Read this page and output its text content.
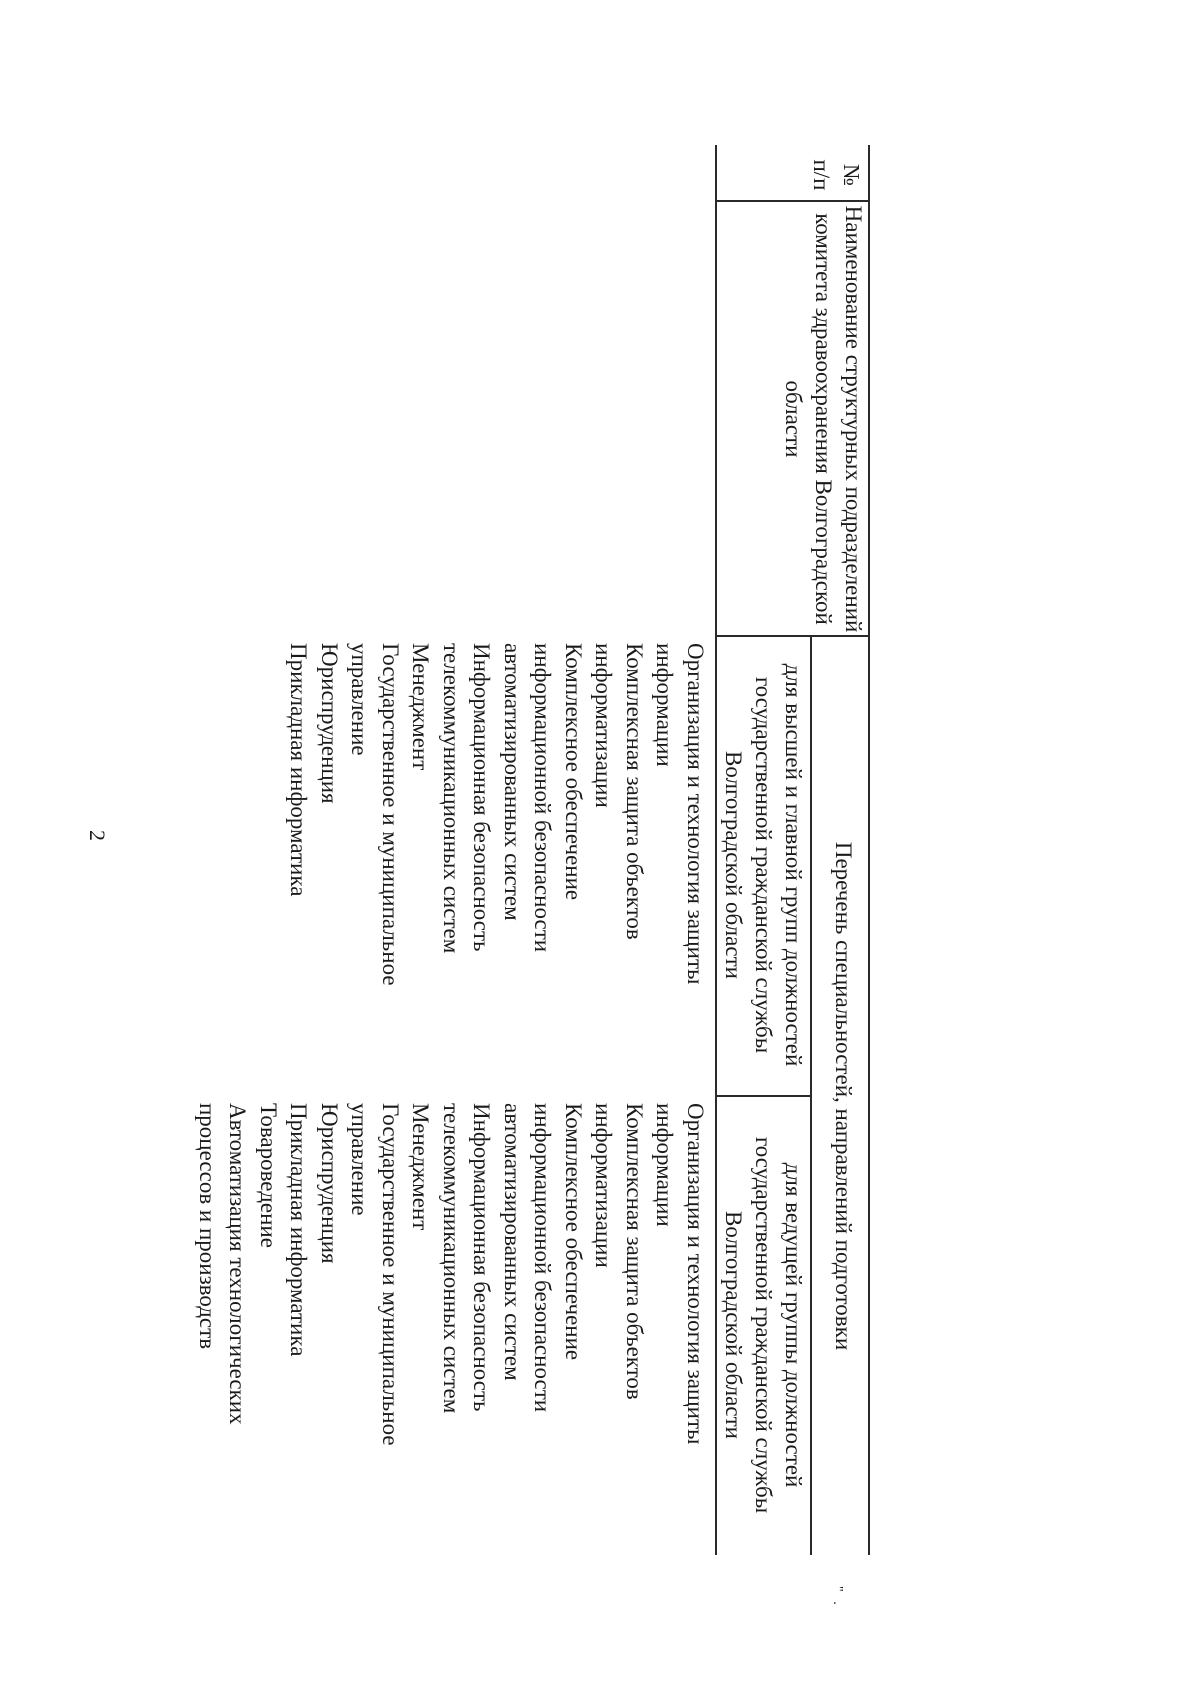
2
№ п/п
Наименование структурных подразделений комитета здравоохранения Волгоградской области
Перечень специальностей, направлений подготовки
для высшей и главной групп должностей государственной гражданской службы Волгоградской области
для ведущей группы должностей государственной гражданской службы Волгоградской области
Организация и технология защиты
информации
Комплексная защита объектов
информатизации
Комплексное обеспечение
информационной безопасности
автоматизированных систем
Информационная безопасность
телекоммуникационных систем
Менеджмент
Государственное и муниципальное
управление
Юриспруденция
Прикладная информатика
Организация и технология защиты
информации
Комплексная защита объектов
информатизации
Комплексное обеспечение
информационной безопасности
автоматизированных систем
Информационная безопасность
телекоммуникационных систем
Менеджмент
Государственное и муниципальное
управление
Юриспруденция
Прикладная информатика
Товароведение
Автоматизация технологических
процессов и производств
" .
